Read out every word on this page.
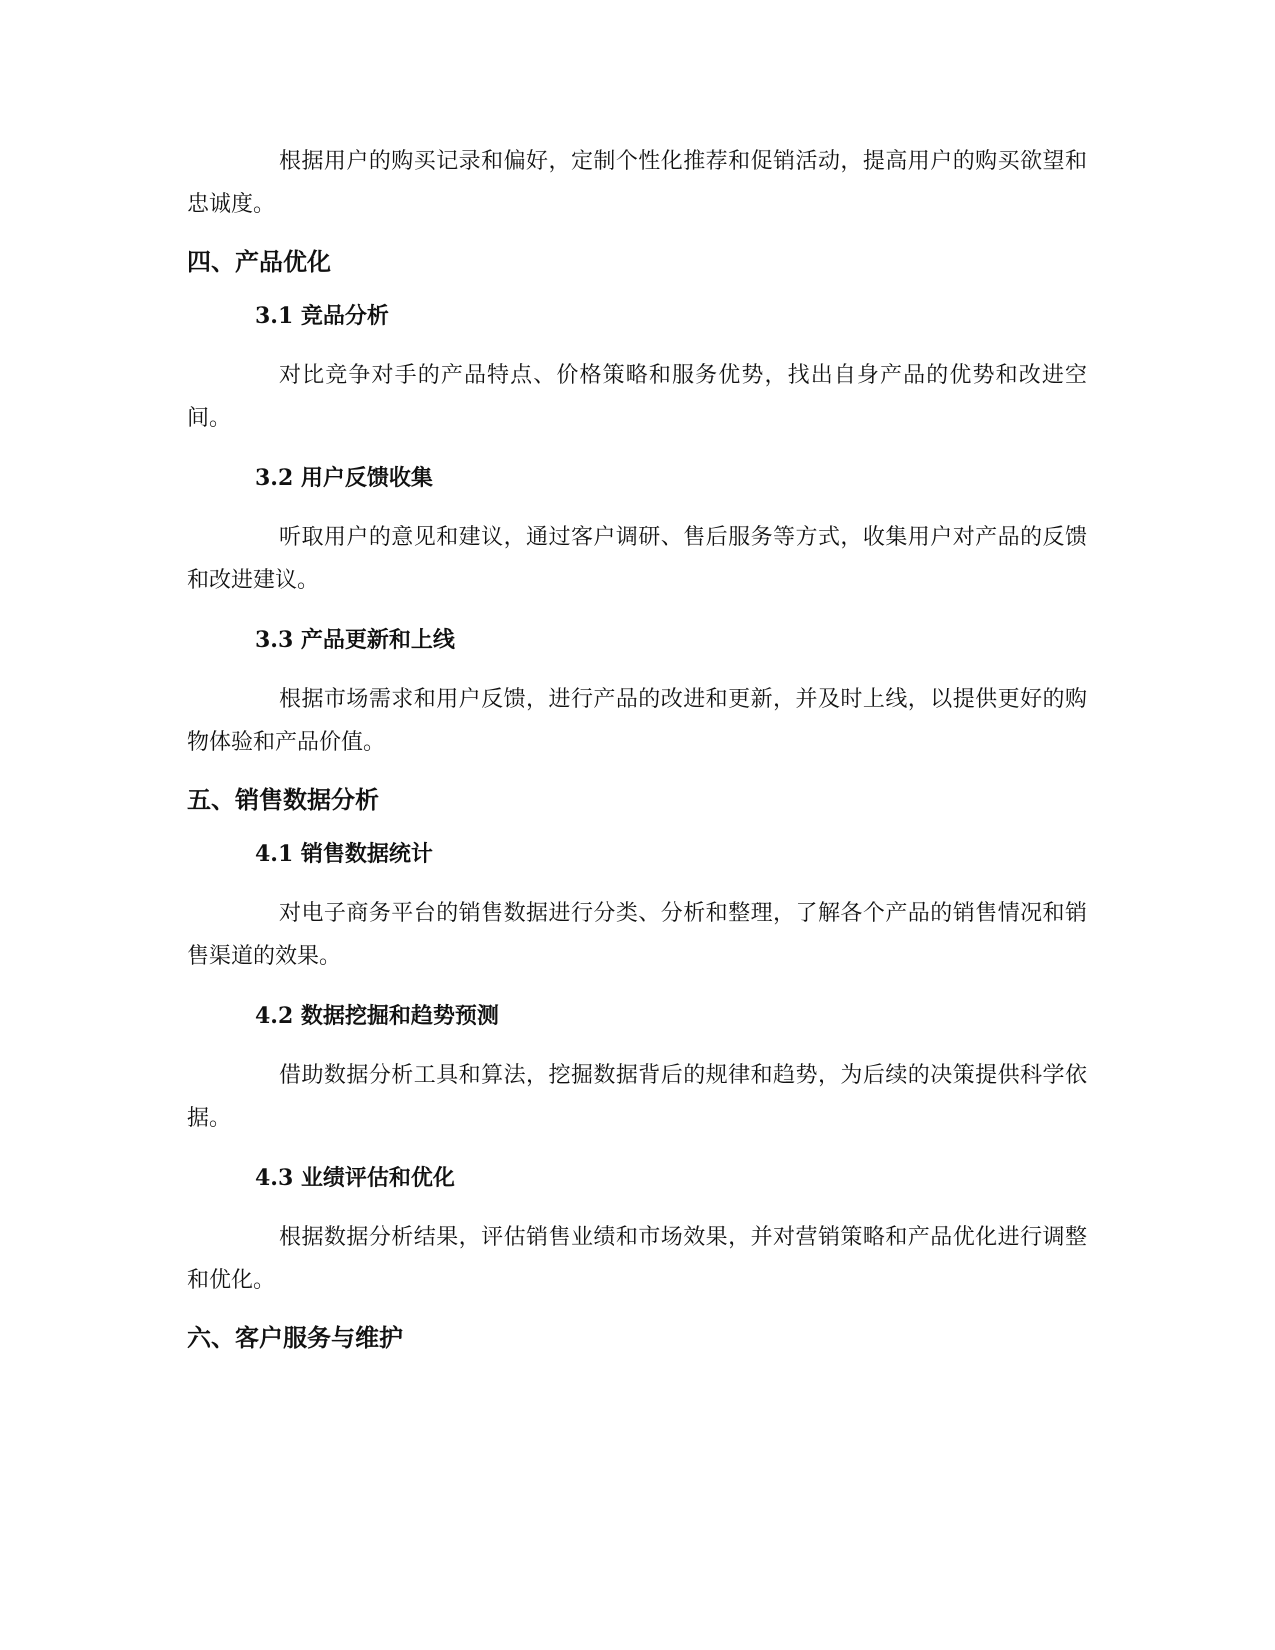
根据用户的购买记录和偏好，定制个性化推荐和促销活动，提高用户的购买欲望和忠诚度。

四、产品优化
3.1 竞品分析

对比竞争对手的产品特点、价格策略和服务优势，找出自身产品的优势和改进空间。

3.2 用户反馈收集

听取用户的意见和建议，通过客户调研、售后服务等方式，收集用户对产品的反馈和改进建议。

3.3 产品更新和上线

根据市场需求和用户反馈，进行产品的改进和更新，并及时上线，以提供更好的购物体验和产品价值。

五、销售数据分析
4.1 销售数据统计

对电子商务平台的销售数据进行分类、分析和整理，了解各个产品的销售情况和销售渠道的效果。

4.2 数据挖掘和趋势预测

借助数据分析工具和算法，挖掘数据背后的规律和趋势，为后续的决策提供科学依据。

4.3 业绩评估和优化

根据数据分析结果，评估销售业绩和市场效果，并对营销策略和产品优化进行调整和优化。

六、客户服务与维护
